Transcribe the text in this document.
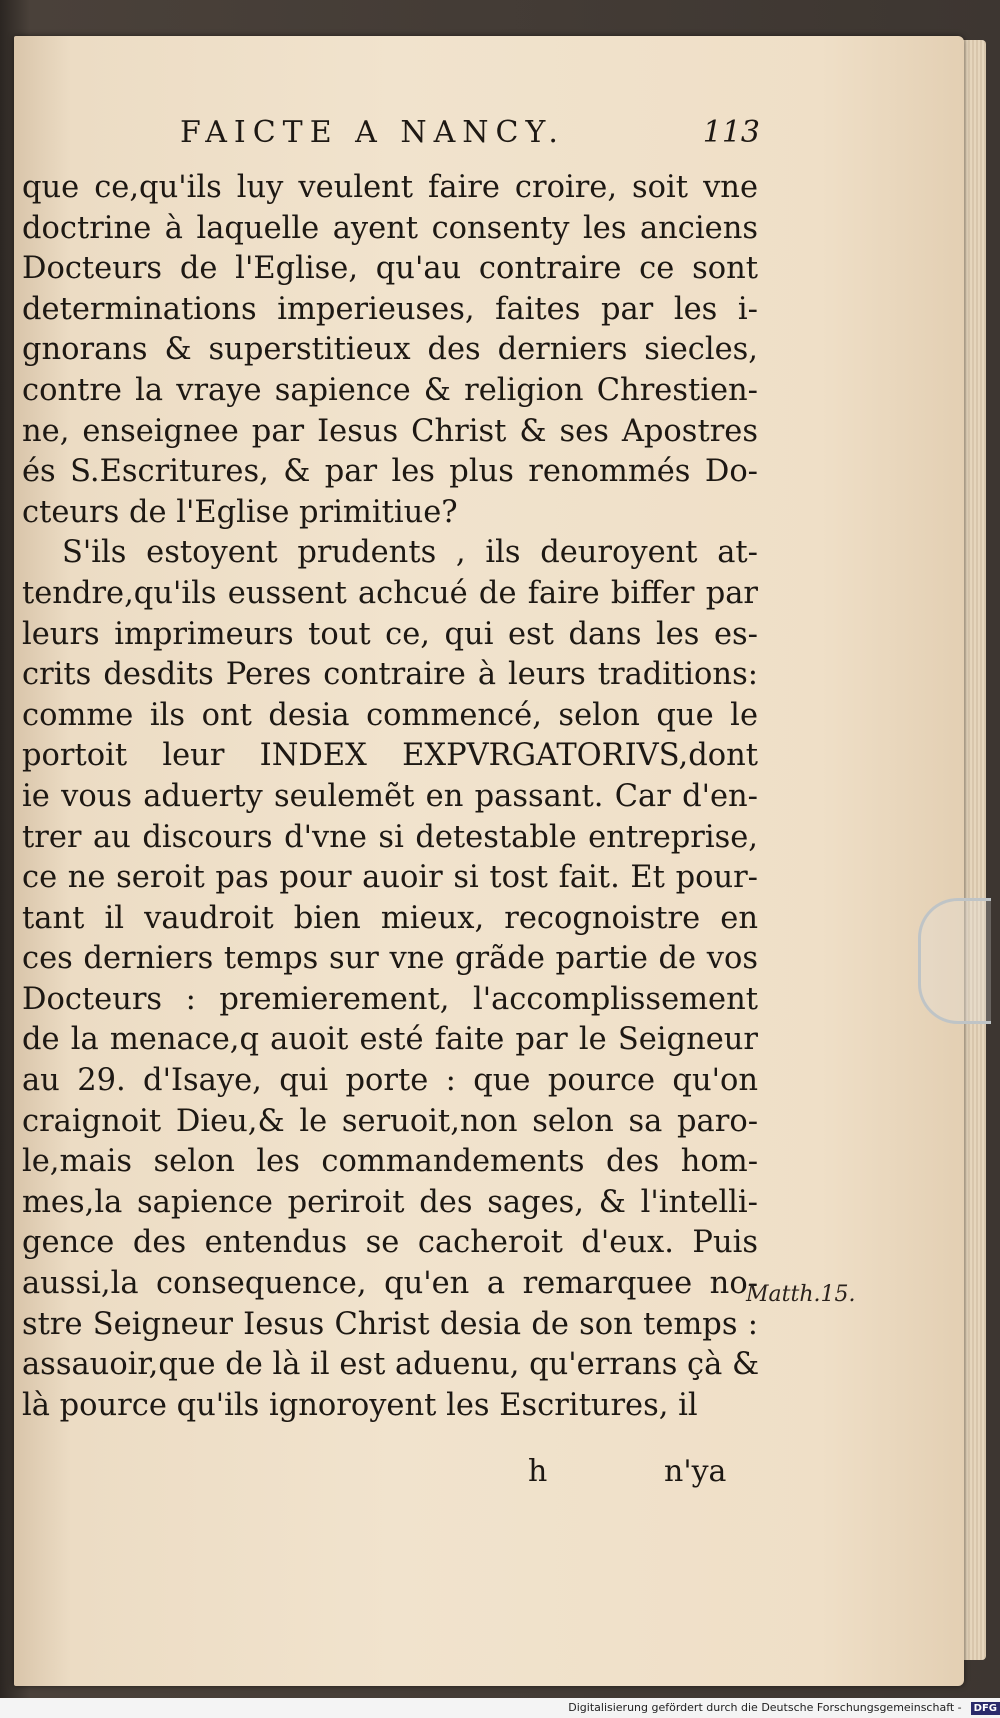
FAICTE A NANCY.	113
que ce,qu'ils luy veulent faire croire, soit vne
doctrine à laquelle ayent consenty les anciens
Docteurs de l'Eglise, qu'au contraire ce sont
determinations imperieuses, faites par les i-
gnorans & superstitieux des derniers siecles,
contre la vraye sapience & religion Chrestien-
ne, enseignee par Iesus Christ & ses Apostres
és S.Escritures, & par les plus renommés Do-
cteurs de l'Eglise primitiue?
S'ils estoyent prudents , ils deuroyent at-
tendre,qu'ils eussent achcué de faire biffer par
leurs imprimeurs tout ce, qui est dans les es-
crits desdits Peres contraire à leurs traditions:
comme ils ont desia commencé, selon que le
portoit leur INDEX EXPVRGATORIVS,dont
ie vous aduerty seulemẽt en passant. Car d'en-
trer au discours d'vne si detestable entreprise,
ce ne seroit pas pour auoir si tost fait. Et pour-
tant il vaudroit bien mieux, recognoistre en
ces derniers temps sur vne grãde partie de vos
Docteurs : premierement, l'accomplissement
de la menace,q auoit esté faite par le Seigneur
au 29. d'Isaye, qui porte : que pource qu'on
craignoit Dieu,& le seruoit,non selon sa paro-
le,mais selon les commandements des hom-
mes,la sapience periroit des sages, & l'intelli-
gence des entendus se cacheroit d'eux. Puis
aussi,la consequence, qu'en a remarquee no-
stre Seigneur Iesus Christ desia de son temps :
assauoir,que de là il est aduenu, qu'errans çà &
là pource qu'ils ignoroyent les Escritures, il
Matth.15.
h	n'ya
Digitalisierung gefördert durch die Deutsche Forschungsgemeinschaft - DFG
